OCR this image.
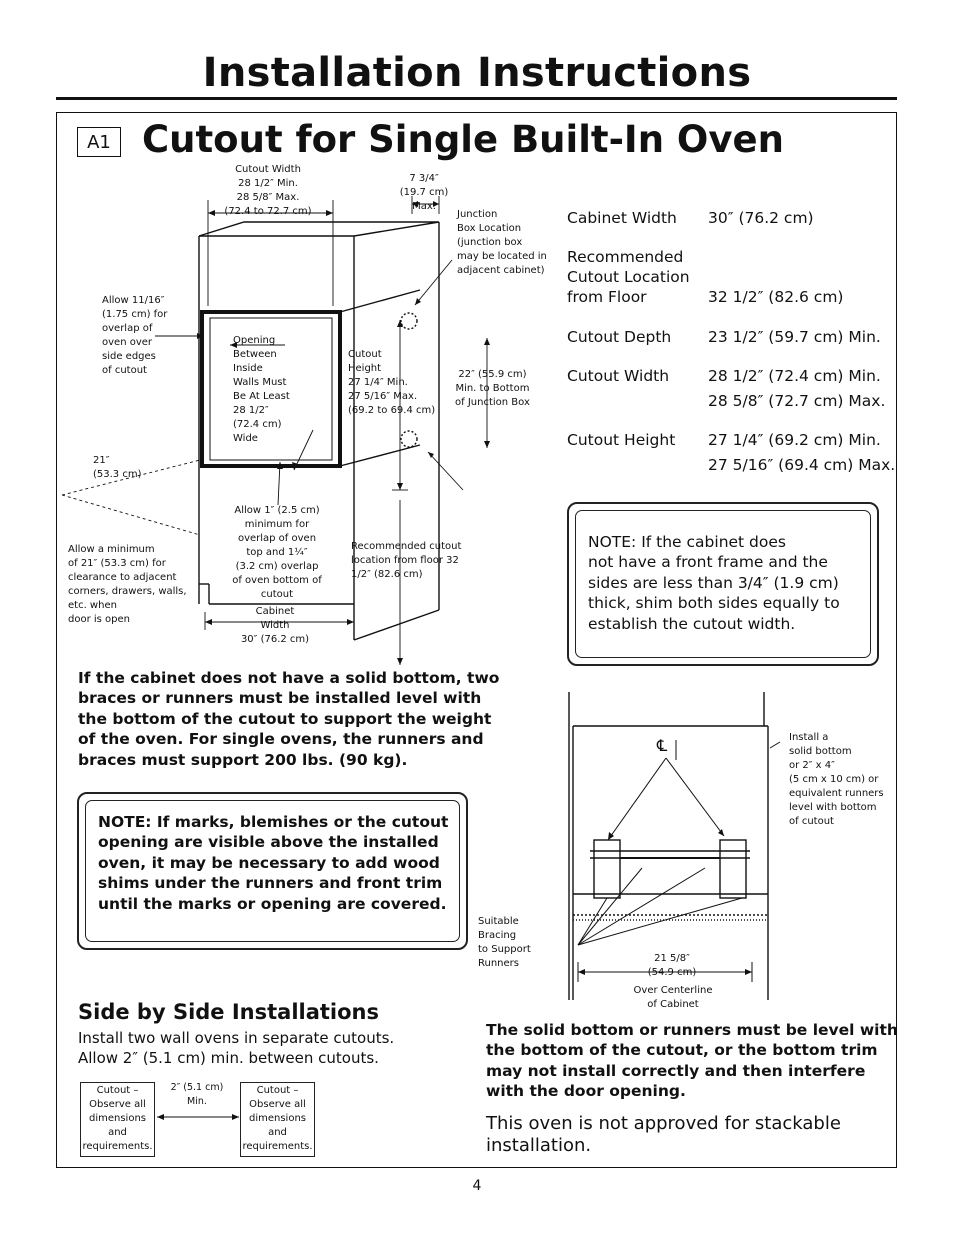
Installation Instructions
A1 Cutout for Single Built-In Oven
Cutout Width
28 1/2″ Min.
28 5/8″ Max.
(72.4 to 72.7 cm)
7 3/4″
(19.7 cm)
Max.
Junction
Box Location
(junction box
may be located in
adjacent cabinet)
Allow 11/16″
(1.75 cm) for
overlap of
oven over
side edges
of cutout
Opening
Between
Inside
Walls Must
Be At Least
28 1/2″
(72.4 cm)
Wide
Cutout
Height
27 1/4″ Min.
27 5/16″ Max.
(69.2 to 69.4 cm)
22″ (55.9 cm)
Min. to Bottom
of Junction Box
21″
(53.3 cm)
Allow a minimum
of 21″ (53.3 cm) for
clearance to adjacent
corners, drawers, walls,
etc. when
door is open
Allow 1″ (2.5 cm)
minimum for
overlap of oven
top and 1¼″
(3.2 cm) overlap
of oven bottom of
cutout
Cabinet
Width
30″ (76.2 cm)
Recommended cutout
location from floor 32
1/2″ (82.6 cm)
Cabinet Width 30″ (76.2 cm)
Recommended
Cutout Location
from Floor	32 1/2″ (82.6 cm)
Cutout Depth 23 1/2″ (59.7 cm) Min.
Cutout Width	28 1/2″ (72.4 cm) Min.
28 5/8″ (72.7 cm) Max.
Cutout Height 27 1/4″ (69.2 cm) Min.
27 5/16″ (69.4 cm) Max.
NOTE: If the cabinet does
not have a front frame and the
sides are less than 3/4″ (1.9 cm)
thick, shim both sides equally to
establish the cutout width.
If the cabinet does not have a solid bottom, two
braces or runners must be installed level with
the bottom of the cutout to support the weight
of the oven. For single ovens, the runners and
braces must support 200 lbs. (90 kg).
NOTE: If marks, blemishes or the cutout
opening are visible above the installed
oven, it may be necessary to add wood
shims under the runners and front trim
until the marks or opening are covered.
℄	Install a
solid bottom
or 2″ x 4″
(5 cm x 10 cm) or
equivalent runners
level with bottom
of cutout
Suitable
Bracing
to Support
Runners	21 5/8″
(54.9 cm)
Over Centerline
of Cabinet
Side by Side Installations
Install two wall ovens in separate cutouts.
Allow 2″ (5.1 cm) min. between cutouts.
Cutout –
Observe all
dimensions
and
requirements.
Cutout –
Observe all
dimensions
and
requirements.
2″ (5.1 cm)
Min.
The solid bottom or runners must be level with
the bottom of the cutout, or the bottom trim
may not install correctly and then interfere
with the door opening.
This oven is not approved for stackable
installation.
4
